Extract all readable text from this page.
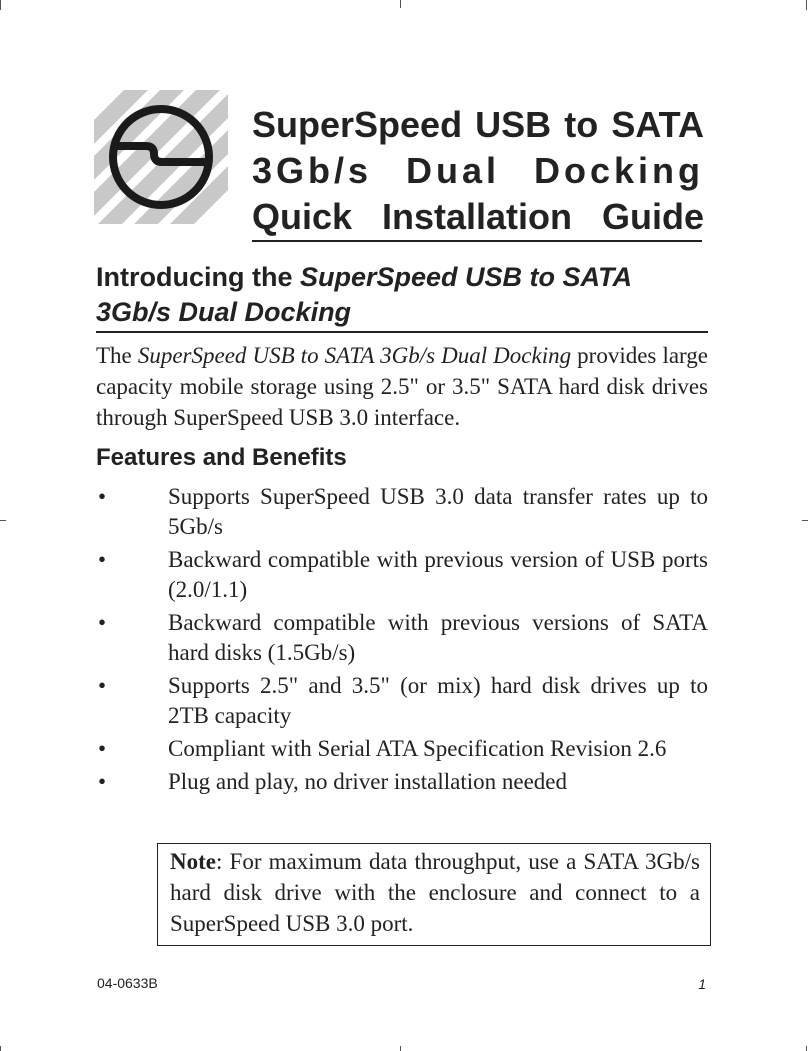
SuperSpeed USB to SATA
3Gb/s Dual Docking
Quick Installation Guide
Introducing the SuperSpeed USB to SATA
3Gb/s Dual Docking

The SuperSpeed USB to SATA 3Gb/s Dual Docking provides large capacity mobile storage using 2.5" or 3.5" SATA hard disk drives through SuperSpeed USB 3.0 interface.

Features and Benefits
•	Supports SuperSpeed USB 3.0 data transfer rates up to 5Gb/s
•	Backward compatible with previous version of USB ports (2.0/1.1)
•	Backward compatible with previous versions of SATA hard disks (1.5Gb/s)
•	Supports 2.5" and 3.5" (or mix) hard disk drives up to 2TB capacity
•	Compliant with Serial ATA Specification Revision 2.6
•	Plug and play, no driver installation needed
Note: For maximum data throughput, use a SATA 3Gb/s hard disk drive with the enclosure and connect to a SuperSpeed USB 3.0 port.
04-0633B	1
